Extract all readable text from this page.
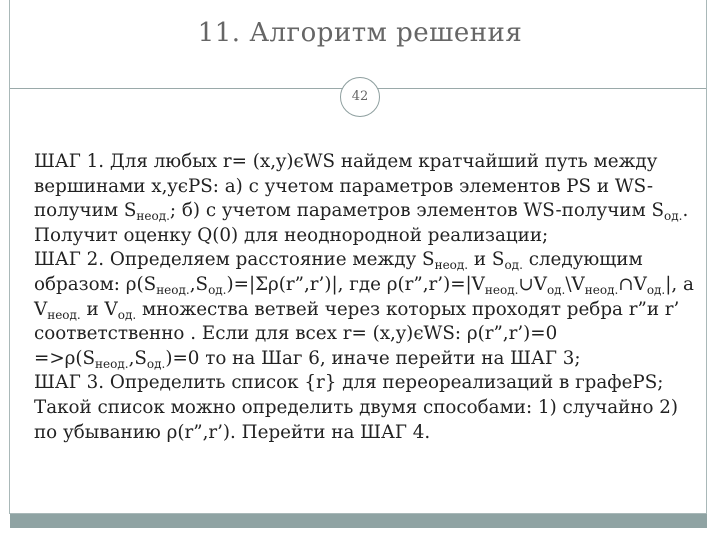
11. Алгоритм решения
42
ШАГ 1. Для любых r= (x,y)єWS найдем кратчайший путь между
вершинами x,yєPS: а) с учетом параметров элементов PS и WS-
получим $S_{неод.}$; б) с учетом параметров элементов WS-получим $S_{од.}$.
Получит оценку Q(0) для неоднородной реализации;
ШАГ 2. Определяем расстояние между $S_{неод.}$ и $S_{од.}$ следующим
образом: $\rho(S_{неод.},S_{од.})=|\Sigma\rho(r”,r’)|$, где $\rho(r”,r’)=|V_{неод.}\cup V_{од.}\backslash V_{неод.}\cap V_{од.}|$, а
$V_{неод.}$ и $V_{од.}$ множества ветвей через которых проходят ребра r”и r’
соответственно . Если для всех r= (x,y)єWS: ρ(r”,r’)=0
$=>\rho(S_{неод.},S_{од.})=0$ то на Шаг 6, иначе перейти на ШАГ 3;
ШАГ 3. Определить список {r} для переореализаций в графеPS;
Такой список можно определить двумя способами: 1) случайно 2)
по убыванию ρ(r”,r’). Перейти на ШАГ 4.
